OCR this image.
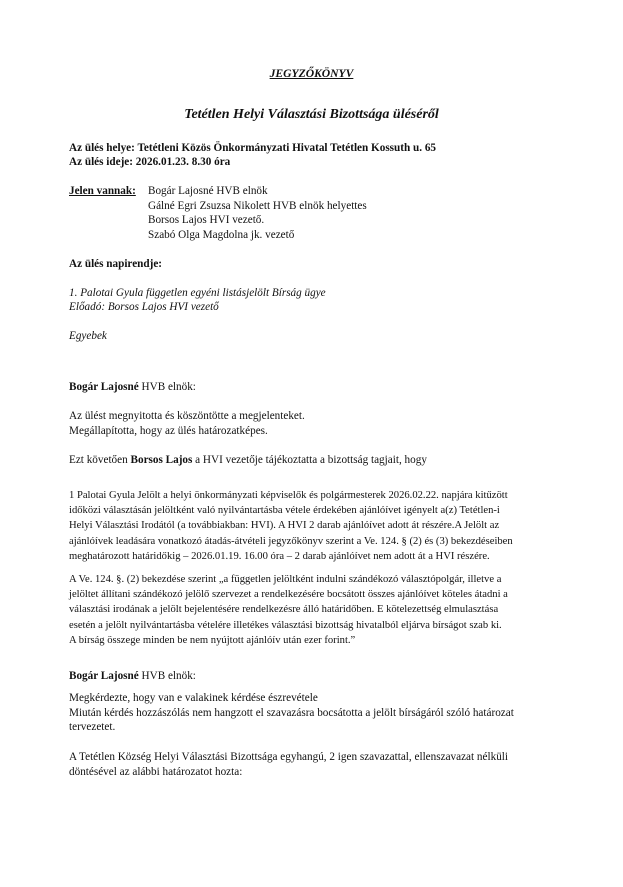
JEGYZŐKÖNYV
Tetétlen Helyi Választási Bizottsága üléséről
Az ülés helye: Tetétleni Közös Önkormányzati Hivatal Tetétlen Kossuth u. 65
Az ülés ideje: 2026.01.23. 8.30 óra
Jelen vannak: Bogár Lajosné HVB elnök
Gálné Egri Zsuzsa Nikolett HVB elnök helyettes
Borsos Lajos HVI vezető.
Szabó Olga Magdolna jk. vezető
Az ülés napirendje:
1. Palotai Gyula független egyéni listásjelölt Bírság ügye
Előadó: Borsos Lajos HVI vezető
Egyebek
Bogár Lajosné HVB elnök:
Az ülést megnyitotta és köszöntötte a megjelenteket.
Megállapította, hogy az ülés határozatképes.
Ezt követően Borsos Lajos a HVI vezetője tájékoztatta a bizottság tagjait, hogy
1 Palotai Gyula Jelölt a helyi önkormányzati képviselők és polgármesterek 2026.02.22. napjára kitűzött
időközi választásán jelöltként való nyilvántartásba vétele érdekében ajánlóívet igényelt a(z) Tetétlen-i
Helyi Választási Irodától (a továbbiakban: HVI). A HVI 2 darab ajánlóívet adott át részére.A Jelölt az
ajánlóívek leadására vonatkozó átadás-átvételi jegyzőkönyv szerint a Ve. 124. § (2) és (3) bekezdéseiben
meghatározott határidőkig – 2026.01.19. 16.00 óra – 2 darab ajánlóívet nem adott át a HVI részére.
A Ve. 124. §. (2) bekezdése szerint „a független jelöltként indulni szándékozó választópolgár, illetve a
jelöltet állítani szándékozó jelölő szervezet a rendelkezésére bocsátott összes ajánlóívet köteles átadni a
választási irodának a jelölt bejelentésére rendelkezésre álló határidőben. E kötelezettség elmulasztása
esetén a jelölt nyilvántartásba vételére illetékes választási bizottság hivatalból eljárva bírságot szab ki.
A bírság összege minden be nem nyújtott ajánlóív után ezer forint.”
Bogár Lajosné HVB elnök:
Megkérdezte, hogy van e valakinek kérdése észrevétele
Miután kérdés hozzászólás nem hangzott el szavazásra bocsátotta a jelölt bírságáról szóló határozat
tervezetet.
A Tetétlen Község Helyi Választási Bizottsága egyhangú, 2 igen szavazattal, ellenszavazat nélküli
döntésével az alábbi határozatot hozta:
